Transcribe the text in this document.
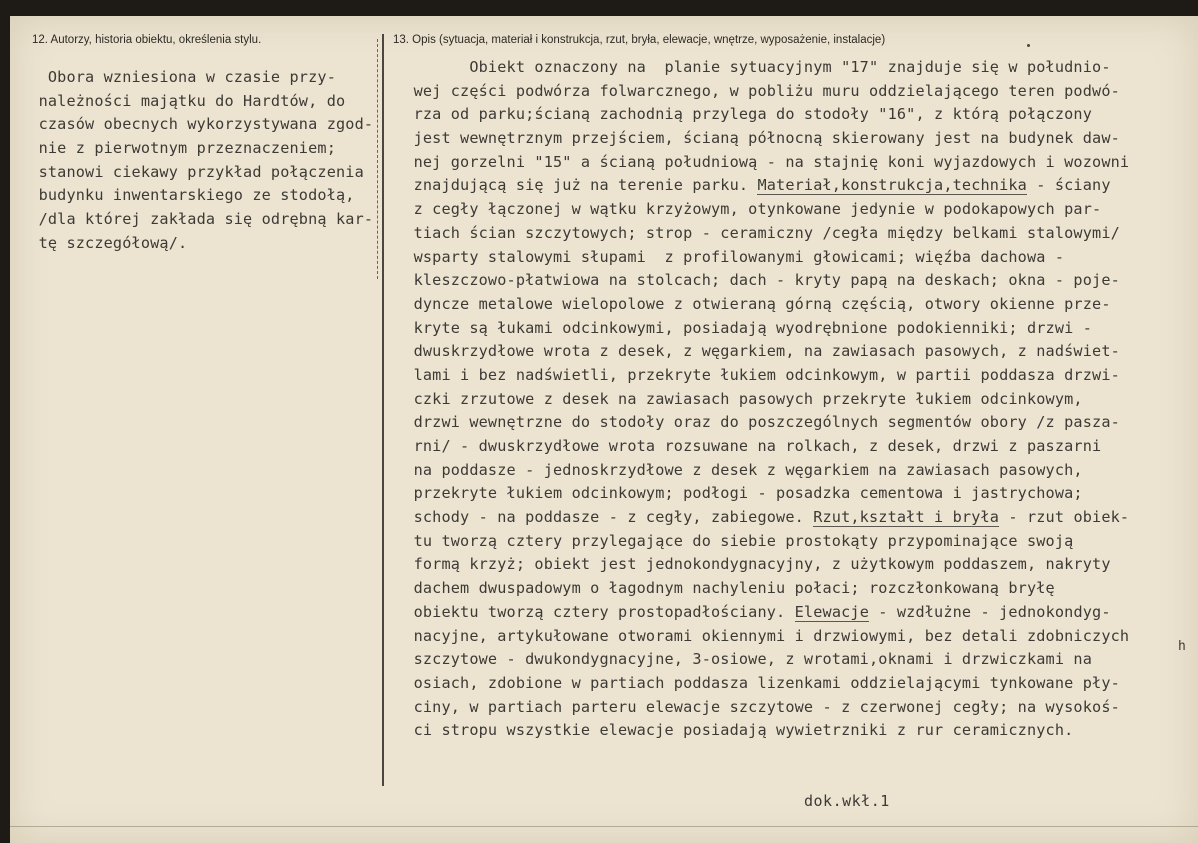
12. Autorzy, historia obiektu, określenia stylu.	13. Opis (sytuacja, materiał i konstrukcja, rzut, bryła, elewacje, wnętrze, wyposażenie, instalacje)
Obora wzniesiona w czasie przy-
należności majątku do Hardtów, do
czasów obecnych wykorzystywana zgod-
nie z pierwotnym przeznaczeniem;
stanowi ciekawy przykład połączenia
budynku inwentarskiego ze stodołą,
/dla której zakłada się odrębną kar-
tę szczegółową/.
Obiekt oznaczony na  planie sytuacyjnym "17" znajduje się w południo-
wej części podwórza folwarcznego, w pobliżu muru oddzielającego teren podwó-
rza od parku;ścianą zachodnią przylega do stodoły "16", z którą połączony
jest wewnętrznym przejściem, ścianą północną skierowany jest na budynek daw-
nej gorzelni "15" a ścianą południową - na stajnię koni wyjazdowych i wozowni
znajdującą się już na terenie parku. Materiał,konstrukcja,technika - ściany
z cegły łączonej w wątku krzyżowym, otynkowane jedynie w podokapowych par-
tiach ścian szczytowych; strop - ceramiczny /cegła między belkami stalowymi/
wsparty stalowymi słupami  z profilowanymi głowicami; więźba dachowa -
kleszczowo-płatwiowa na stolcach; dach - kryty papą na deskach; okna - poje-
dyncze metalowe wielopolowe z otwieraną górną częścią, otwory okienne prze-
kryte są łukami odcinkowymi, posiadają wyodrębnione podokienniki; drzwi -
dwuskrzydłowe wrota z desek, z węgarkiem, na zawiasach pasowych, z nadświet-
lami i bez nadświetli, przekryte łukiem odcinkowym, w partii poddasza drzwi-
czki zrzutowe z desek na zawiasach pasowych przekryte łukiem odcinkowym,
drzwi wewnętrzne do stodoły oraz do poszczególnych segmentów obory /z pasza-
rni/ - dwuskrzydłowe wrota rozsuwane na rolkach, z desek, drzwi z paszarni
na poddasze - jednoskrzydłowe z desek z węgarkiem na zawiasach pasowych,
przekryte łukiem odcinkowym; podłogi - posadzka cementowa i jastrychowa;
schody - na poddasze - z cegły, zabiegowe. Rzut,kształt i bryła - rzut obiek-
tu tworzą cztery przylegające do siebie prostokąty przypominające swoją
formą krzyż; obiekt jest jednokondygnacyjny, z użytkowym poddaszem, nakryty
dachem dwuspadowym o łagodnym nachyleniu połaci; rozczłonkowaną bryłę
obiektu tworzą cztery prostopadłościany. Elewacje - wzdłużne - jednokondyg-
nacyjne, artykułowane otworami okiennymi i drzwiowymi, bez detali zdobniczych
szczytowe - dwukondygnacyjne, 3-osiowe, z wrotami,oknami i drzwiczkami na
osiach, zdobione w partiach poddasza lizenkami oddzielającymi tynkowane pły-
ciny, w partiach parteru elewacje szczytowe - z czerwonej cegły; na wysokoś-
ci stropu wszystkie elewacje posiadają wywietrzniki z rur ceramicznych.
h
dok.wkł.1
